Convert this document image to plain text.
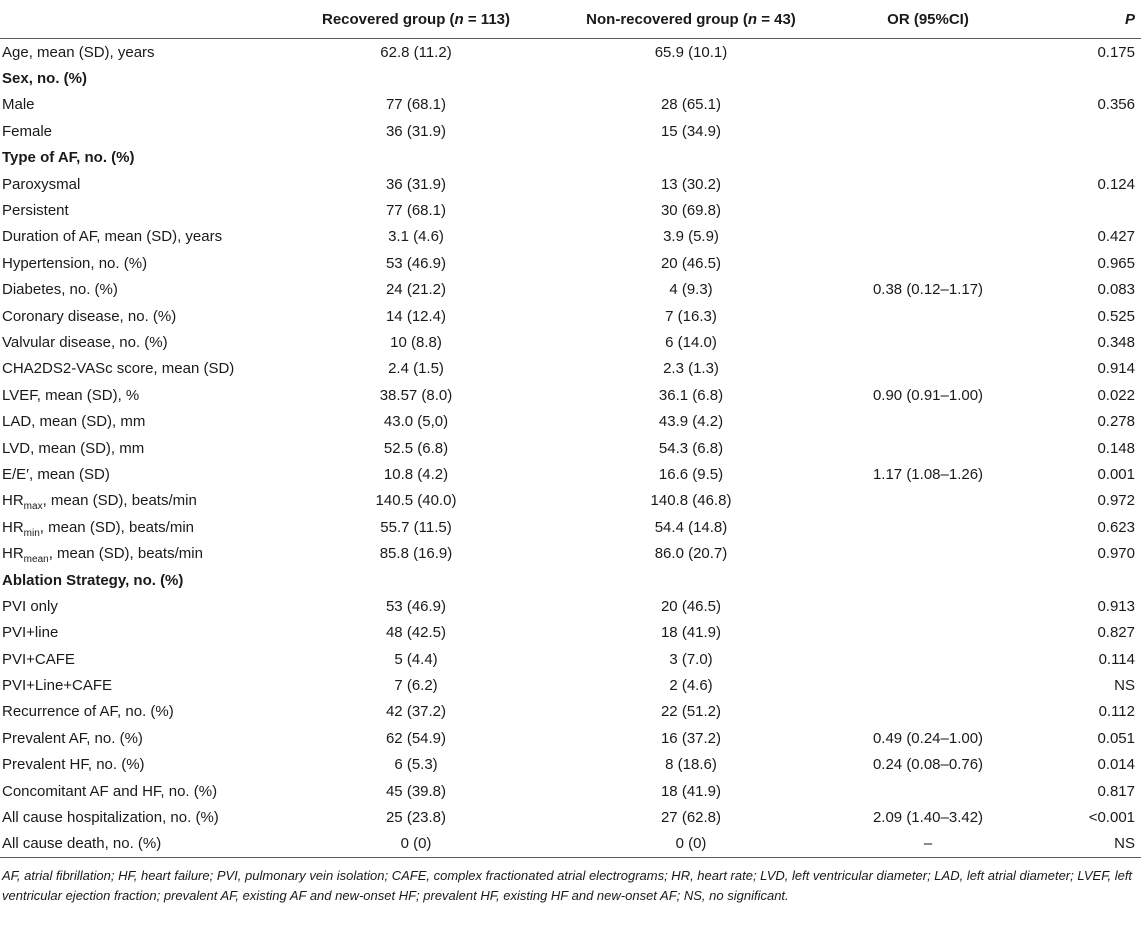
	Recovered group (n = 113)	Non-recovered group (n = 43)	OR (95%CI)	P
Age, mean (SD), years	62.8 (11.2)	65.9 (10.1)		0.175
Sex, no. (%)				
Male	77 (68.1)	28 (65.1)		0.356
Female	36 (31.9)	15 (34.9)		
Type of AF, no. (%)				
Paroxysmal	36 (31.9)	13 (30.2)		0.124
Persistent	77 (68.1)	30 (69.8)		
Duration of AF, mean (SD), years	3.1 (4.6)	3.9 (5.9)		0.427
Hypertension, no. (%)	53 (46.9)	20 (46.5)		0.965
Diabetes, no. (%)	24 (21.2)	4 (9.3)	0.38 (0.12–1.17)	0.083
Coronary disease, no. (%)	14 (12.4)	7 (16.3)		0.525
Valvular disease, no. (%)	10 (8.8)	6 (14.0)		0.348
CHA2DS2-VASc score, mean (SD)	2.4 (1.5)	2.3 (1.3)		0.914
LVEF, mean (SD), %	38.57 (8.0)	36.1 (6.8)	0.90 (0.91–1.00)	0.022
LAD, mean (SD), mm	43.0 (5,0)	43.9 (4.2)		0.278
LVD, mean (SD), mm	52.5 (6.8)	54.3 (6.8)		0.148
E/E′, mean (SD)	10.8 (4.2)	16.6 (9.5)	1.17 (1.08–1.26)	0.001
$HR_{max}$, mean (SD), beats/min	140.5 (40.0)	140.8 (46.8)		0.972
$HR_{min}$, mean (SD), beats/min	55.7 (11.5)	54.4 (14.8)		0.623
$HR_{mean}$, mean (SD), beats/min	85.8 (16.9)	86.0 (20.7)		0.970
Ablation Strategy, no. (%)				
PVI only	53 (46.9)	20 (46.5)		0.913
PVI+line	48 (42.5)	18 (41.9)		0.827
PVI+CAFE	5 (4.4)	3 (7.0)		0.114
PVI+Line+CAFE	7 (6.2)	2 (4.6)		NS
Recurrence of AF, no. (%)	42 (37.2)	22 (51.2)		0.112
Prevalent AF, no. (%)	62 (54.9)	16 (37.2)	0.49 (0.24–1.00)	0.051
Prevalent HF, no. (%)	6 (5.3)	8 (18.6)	0.24 (0.08–0.76)	0.014
Concomitant AF and HF, no. (%)	45 (39.8)	18 (41.9)		0.817
All cause hospitalization, no. (%)	25 (23.8)	27 (62.8)	2.09 (1.40–3.42)	<0.001
All cause death, no. (%)	0 (0)	0 (0)	–	NS
AF, atrial fibrillation; HF, heart failure; PVI, pulmonary vein isolation; CAFE, complex fractionated atrial electrograms; HR, heart rate; LVD, left ventricular diameter; LAD, left atrial diameter; LVEF, left ventricular ejection fraction; prevalent AF, existing AF and new-onset HF; prevalent HF, existing HF and new-onset AF; NS, no significant.
